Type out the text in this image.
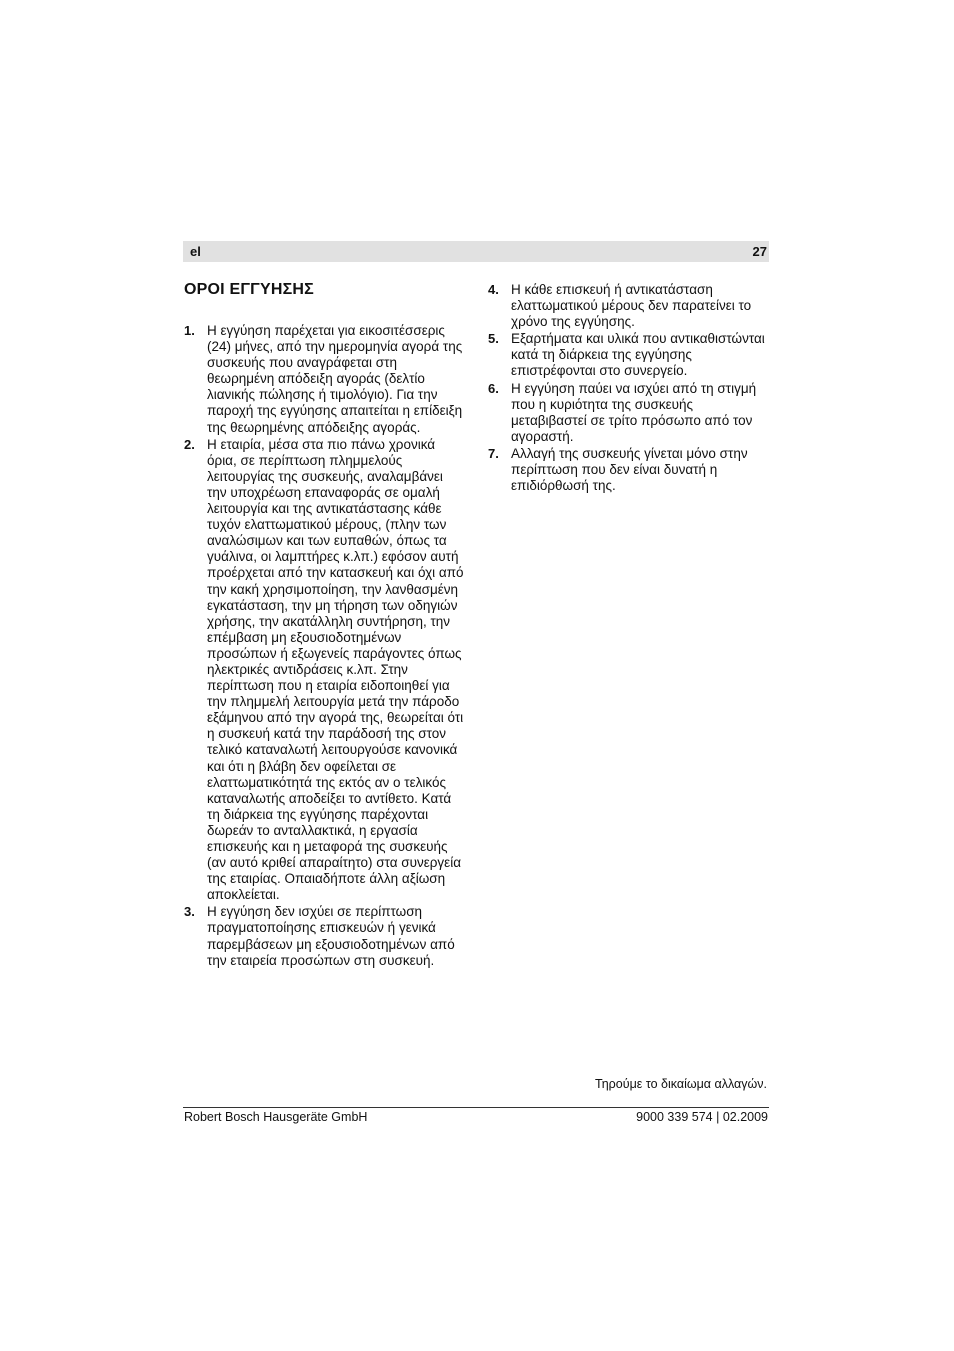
el	27
ΟΡΟΙ ΕΓΓΥΗΣΗΣ
1. Η εγγύηση παρέχεται για εικοσιτέσσερις (24) μήνες, από την ημερομηνία αγορά της συσκευής που αναγράφεται στη θεωρημένη απόδειξη αγοράς (δελτίο λιανικής πώλησης ή τιμολόγιο). Για την παροχή της εγγύησης απαιτείται η επίδειξη της θεωρημένης απόδειξης αγοράς.
2. Η εταιρία, μέσα στα πιο πάνω χρονικά όρια, σε περίπτωση πλημμελούς λειτουργίας της συσκευής, αναλαμβάνει την υποχρέωση επαναφοράς σε ομαλή λειτουργία και της αντικατάστασης κάθε τυχόν ελαττωματικού μέρους, (πλην των αναλώσιμων και των ευπαθών, όπως τα γυάλινα, οι λαμπτήρες κ.λπ.) εφόσον αυτή προέρχεται από την κατασκευή και όχι από την κακή χρησιμοποίηση, την λανθασμένη εγκατάσταση, την μη τήρηση των οδηγιών χρήσης, την ακατάλληλη συντήρηση, την επέμβαση μη εξουσιοδοτημένων προσώπων ή εξωγενείς παράγοντες όπως ηλεκτρικές αντιδράσεις κ.λπ. Στην περίπτωση που η εταιρία ειδοποιηθεί για την πλημμελή λειτουργία μετά την πάροδο εξάμηνου από την αγορά της, θεωρείται ότι η συσκευή κατά την παράδοσή της στον τελικό καταναλωτή λειτουργούσε κανονικά και ότι η βλάβη δεν οφείλεται σε ελαττωματικότητά της εκτός αν ο τελικός καταναλωτής αποδείξει το αντίθετο. Κατά τη διάρκεια της εγγύησης παρέχονται δωρεάν το ανταλλακτικά, η εργασία επισκευής και η μεταφορά της συσκευής (αν αυτό κριθεί απαραίτητο) στα συνεργεία της εταιρίας. Οπαιαδήποτε άλλη αξίωση αποκλείεται.
3. Η εγγύηση δεν ισχύει σε περίπτωση πραγματοποίησης επισκευών ή γενικά παρεμβάσεων μη εξουσιοδοτημένων από την εταιρεία προσώπων στη συσκευή.
4. Η κάθε επισκευή ή αντικατάσταση ελαττωματικού μέρους δεν παρατείνει το χρόνο της εγγύησης.
5. Εξαρτήματα και υλικά που αντικαθιστώνται κατά τη διάρκεια της εγγύησης επιστρέφονται στο συνεργείο.
6. Η εγγύηση παύει να ισχύει από τη στιγμή που η κυριότητα της συσκευής μεταβιβαστεί σε τρίτο πρόσωπο από τον αγοραστή.
7. Αλλαγή της συσκευής γίνεται μόνο στην περίπτωση που δεν είναι δυνατή η επιδιόρθωσή της.
Τηρούμε το δικαίωμα αλλαγών.
Robert Bosch Hausgeräte GmbH	9000 339 574 | 02.2009
